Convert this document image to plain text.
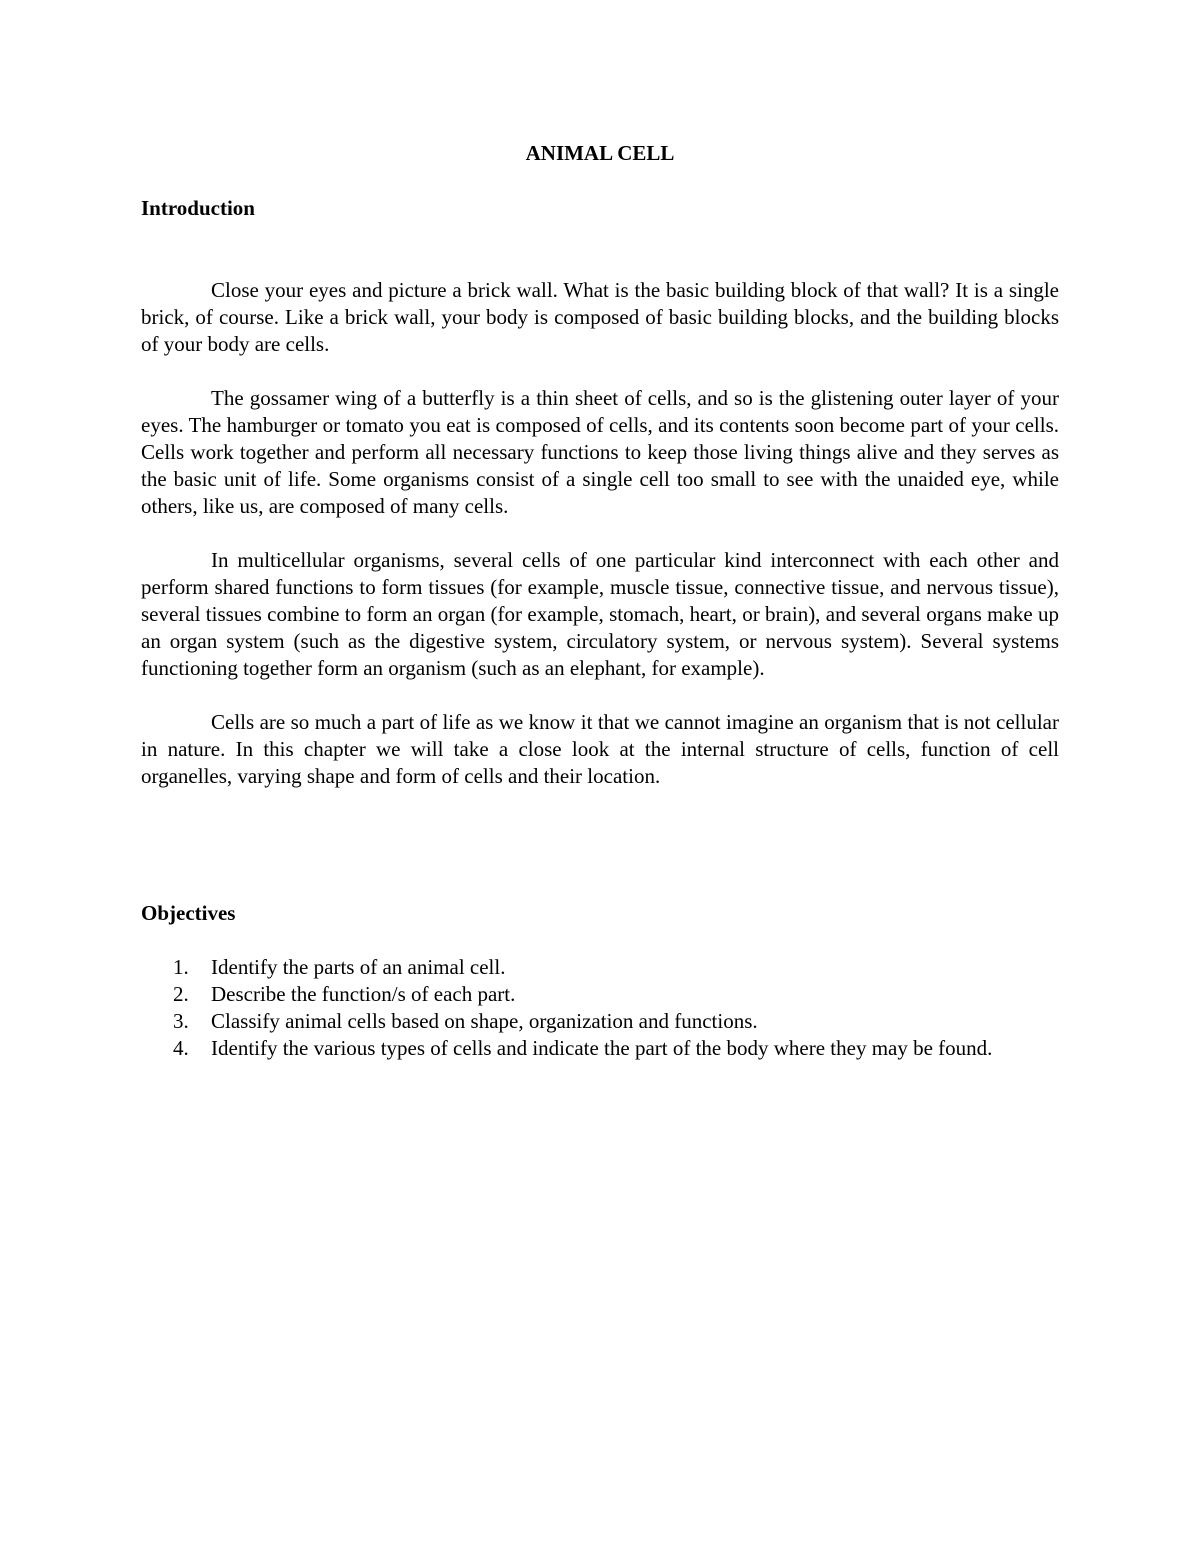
ANIMAL CELL
Introduction

Close your eyes and picture a brick wall. What is the basic building block of that wall? It is a single brick, of course. Like a brick wall, your body is composed of basic building blocks, and the building blocks of your body are cells.

The gossamer wing of a butterfly is a thin sheet of cells, and so is the glistening outer layer of your eyes. The hamburger or tomato you eat is composed of cells, and its contents soon become part of your cells. Cells work together and perform all necessary functions to keep those living things alive and they serves as the basic unit of life. Some organisms consist of a single cell too small to see with the unaided eye, while others, like us, are composed of many cells.

In multicellular organisms, several cells of one particular kind interconnect with each other and perform shared functions to form tissues (for example, muscle tissue, connective tissue, and nervous tissue), several tissues combine to form an organ (for example, stomach, heart, or brain), and several organs make up an organ system (such as the digestive system, circulatory system, or nervous system). Several systems functioning together form an organism (such as an elephant, for example).

Cells are so much a part of life as we know it that we cannot imagine an organism that is not cellular in nature. In this chapter we will take a close look at the internal structure of cells, function of cell organelles, varying shape and form of cells and their location.

Objectives
1.	Identify the parts of an animal cell.
2.	Describe the function/s of each part.
3.	Classify animal cells based on shape, organization and functions.
4.	Identify the various types of cells and indicate the part of the body where they may be found.
